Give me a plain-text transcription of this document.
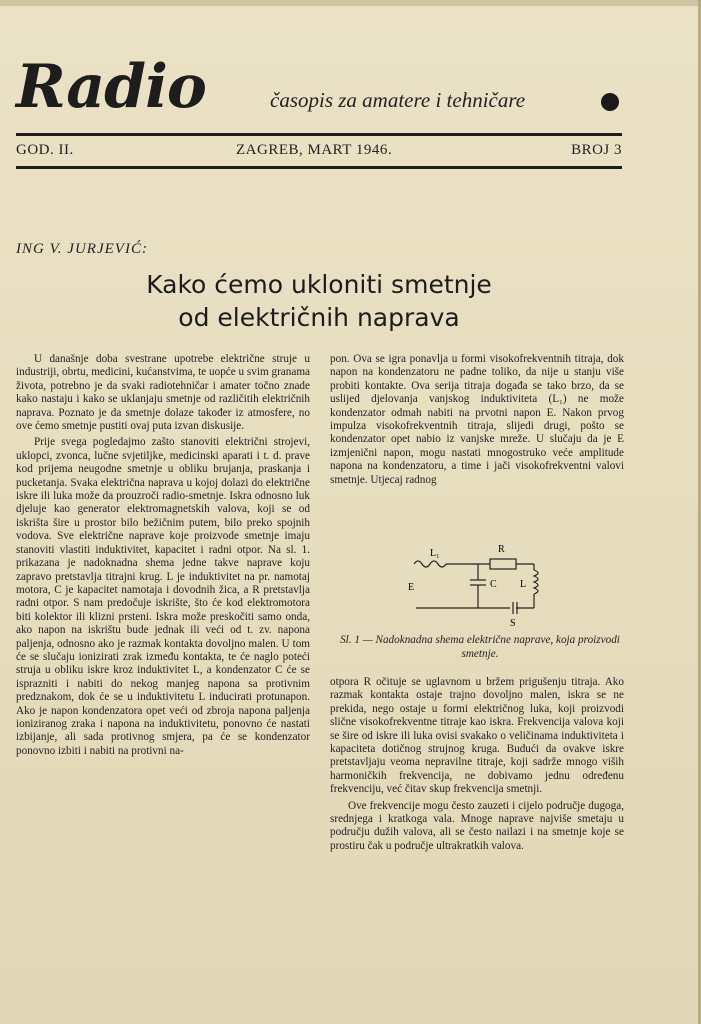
Radio	časopis za amatere i tehničare
GOD. II.	ZAGREB, MART 1946.	BROJ 3
ING V. JURJEVIĆ:
Kako ćemo ukloniti smetnje
od električnih naprava

U današnje doba svestrane upotrebe električne struje u industriji, obrtu, medicini, kućanstvima, te uopće u svim granama života, potrebno je da svaki radiotehničar i amater točno znade kako nastaju i kako se uklanjaju smetnje od različitih električnih naprava. Poznato je da smetnje dolaze također iz atmosfere, no ove ćemo smetnje pustiti ovaj puta izvan diskusije.

Prije svega pogledajmo zašto stanoviti električni strojevi, uklopci, zvonca, lučne svjetiljke, medicinski aparati i t. d. prave kod prijema neugodne smetnje u obliku brujanja, praskanja i pucketanja. Svaka električna naprava u kojoj dolazi do električne iskre ili luka može da prouzroči radio-smetnje. Iskra odnosno luk djeluje kao generator elektromagnetskih valova, koji se od iskrišta šire u prostor bilo bežičnim putem, bilo preko spojnih vodova. Sve električne naprave koje proizvode smetnje imaju stanoviti vlastiti induktivitet, kapacitet i radni otpor. Na sl. 1. prikazana je nadoknadna shema jedne takve naprave koju zapravo pretstavlja titrajni krug. L je induktivitet na pr. namotaj motora, C je kapacitet namotaja i dovodnih žica, a R pretstavlja radni otpor. S nam predočuje iskrište, što će kod elektromotora biti kolektor ili klizni prsteni. Iskra može preskočiti samo onda, ako napon na iskrištu bude jednak ili veći od t. zv. napona paljenja, odnosno ako je razmak kontakta dovoljno malen. U tom će se slučaju ionizirati zrak između kontakta, te će naglo poteći struja u obliku iskre kroz induktivitet L, a kondenzator C će se isprazniti i nabiti do nekog manjeg napona sa protivnim predznakom, dok će se u induktivitetu L inducirati protunapon. Ako je napon kondenzatora opet veći od zbroja napona paljenja ioniziranog zraka i napona na induktivitetu, ponovno će nastati izbijanje, ali sada protivnog smjera, pa će se kondenzator ponovno izbiti i nabiti na protivni na-

pon. Ova se igra ponavlja u formi visokofrekventnih titraja, dok napon na kondenzatoru ne padne toliko, da nije u stanju više probiti kontakte. Ova serija titraja događa se tako brzo, da se uslijed djelovanja vanjskog induktiviteta (L₁) ne može kondenzator odmah nabiti na prvotni napon E. Nakon prvog impulza visokofrekventnih titraja, slijedi drugi, pošto se kondenzator opet nabio iz vanjske mreže. U slučaju da je E izmjenični napon, mogu nastati mnogostruko veće amplitude napona na kondenzatoru, a time i jači visokofrekventni valovi smetnje. Utjecaj radnog

L₁	R
E	C L
S
Sl. 1 — Nadoknadna shema električne naprave, koja proizvodi smetnje.

otpora R očituje se uglavnom u bržem prigušenju titraja. Ako razmak kontakta ostaje trajno dovoljno malen, iskra se ne prekida, nego ostaje u formi električnog luka, koji proizvodi slične visokofrekventne titraje kao iskra. Frekvencija valova koji se šire od iskre ili luka ovisi svakako o veličinama induktiviteta i kapaciteta dotičnog strujnog kruga. Budući da ovakve iskre pretstavljaju veoma nepravilne titraje, koji sadrže mnogo viših harmoničkih frekvencija, ne dobivamo jednu određenu frekvenciju, već čitav skup frekvencija smetnji.

Ove frekvencije mogu često zauzeti i cijelo područje dugoga, srednjega i kratkoga vala. Mnoge naprave najviše smetaju u području dužih valova, ali se često nailazi i na smetnje koje se prostiru čak u područje ultrakratkih valova.
